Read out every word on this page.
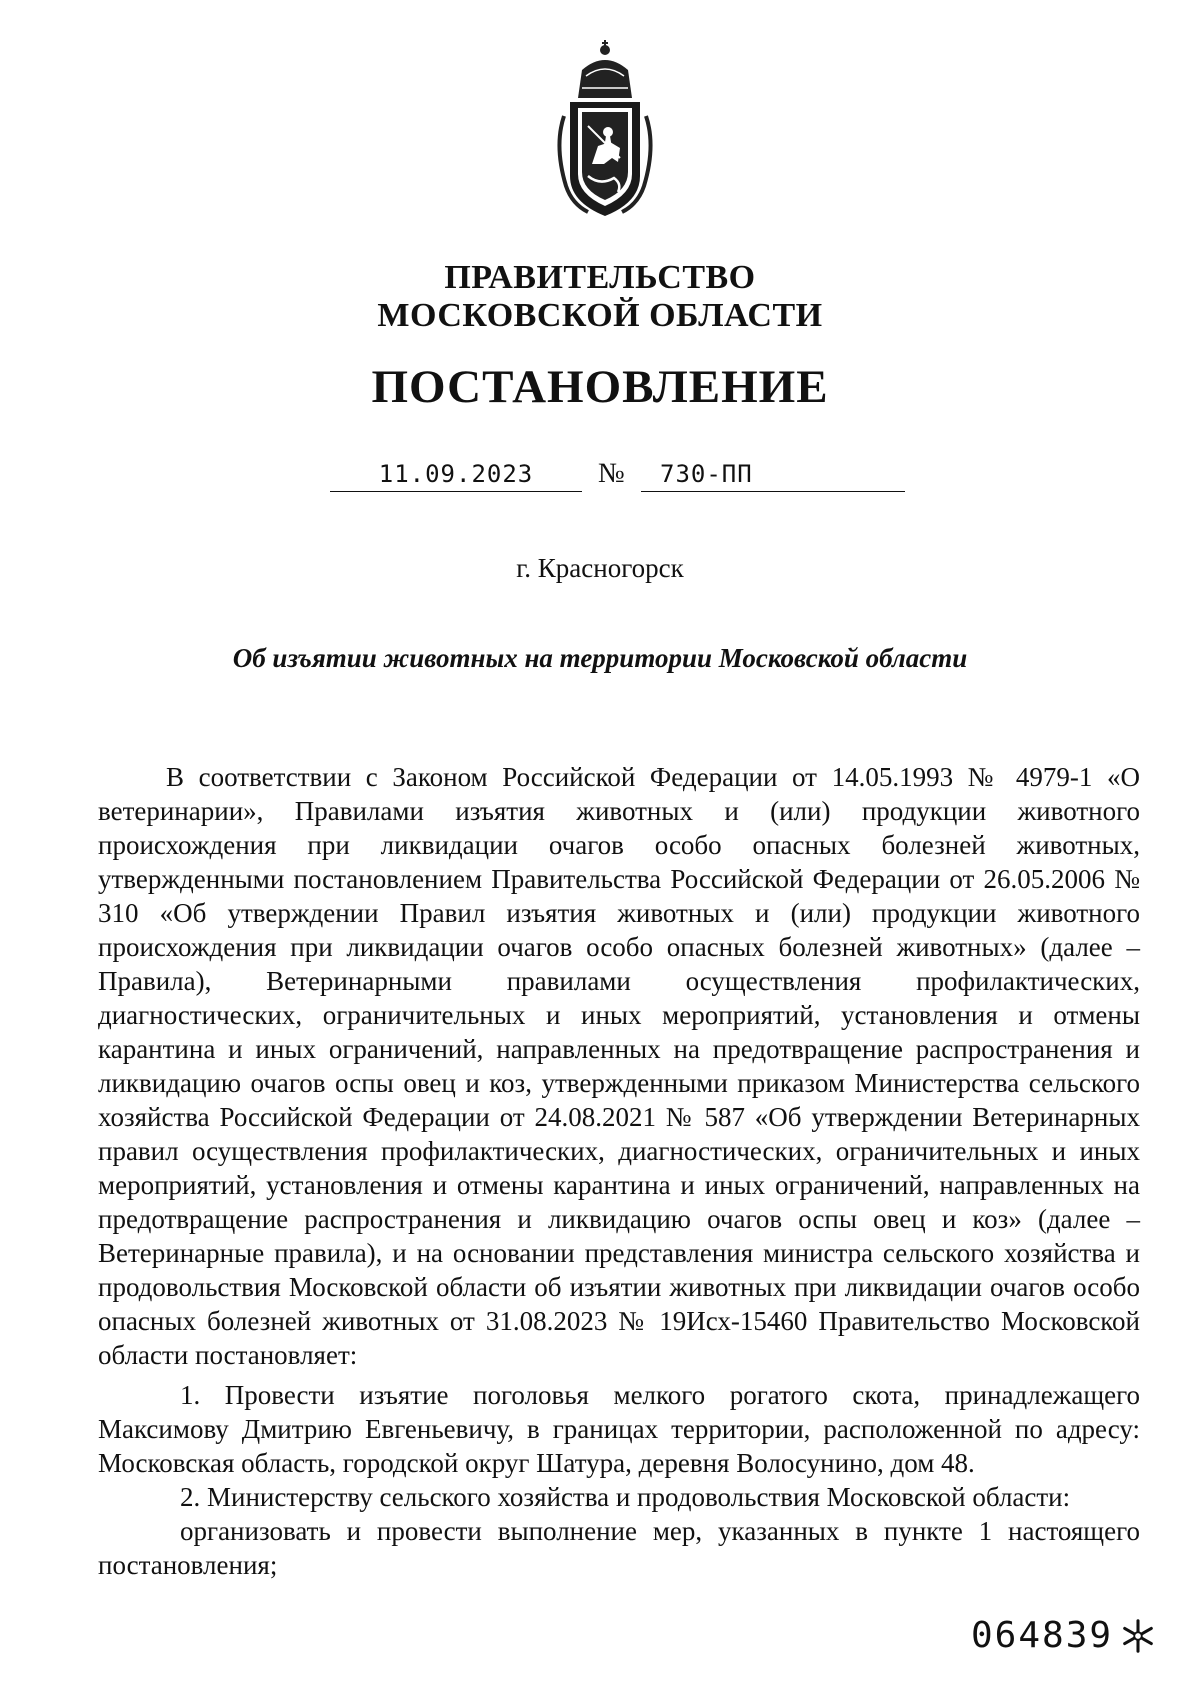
ПРАВИТЕЛЬСТВО
МОСКОВСКОЙ ОБЛАСТИ
ПОСТАНОВЛЕНИЕ
11.09.2023	№ 730-ПП
г. Красногорск
Об изъятии животных на территории Московской области
В соответствии с Законом Российской Федерации от 14.05.1993 № 4979-1 «О ветеринарии», Правилами изъятия животных и (или) продукции животного происхождения при ликвидации очагов особо опасных болезней животных, утвержденными постановлением Правительства Российской Федерации от 26.05.2006 № 310 «Об утверждении Правил изъятия животных и (или) продукции животного происхождения при ликвидации очагов особо опасных болезней животных» (далее – Правила), Ветеринарными правилами осуществления профилактических, диагностических, ограничительных и иных мероприятий, установления и отмены карантина и иных ограничений, направленных на предотвращение распространения и ликвидацию очагов оспы овец и коз, утвержденными приказом Министерства сельского хозяйства Российской Федерации от 24.08.2021 № 587 «Об утверждении Ветеринарных правил осуществления профилактических, диагностических, ограничительных и иных мероприятий, установления и отмены карантина и иных ограничений, направленных на предотвращение распространения и ликвидацию очагов оспы овец и коз» (далее – Ветеринарные правила), и на основании представления министра сельского хозяйства и продовольствия Московской области об изъятии животных при ликвидации очагов особо опасных болезней животных от 31.08.2023 № 19Исх-15460 Правительство Московской области постановляет:
1. Провести изъятие поголовья мелкого рогатого скота, принадлежащего Максимову Дмитрию Евгеньевичу, в границах территории, расположенной по адресу: Московская область, городской округ Шатура, деревня Волосунино, дом 48.
2. Министерству сельского хозяйства и продовольствия Московской области:
организовать и провести выполнение мер, указанных в пункте 1 настоящего постановления;
064839
